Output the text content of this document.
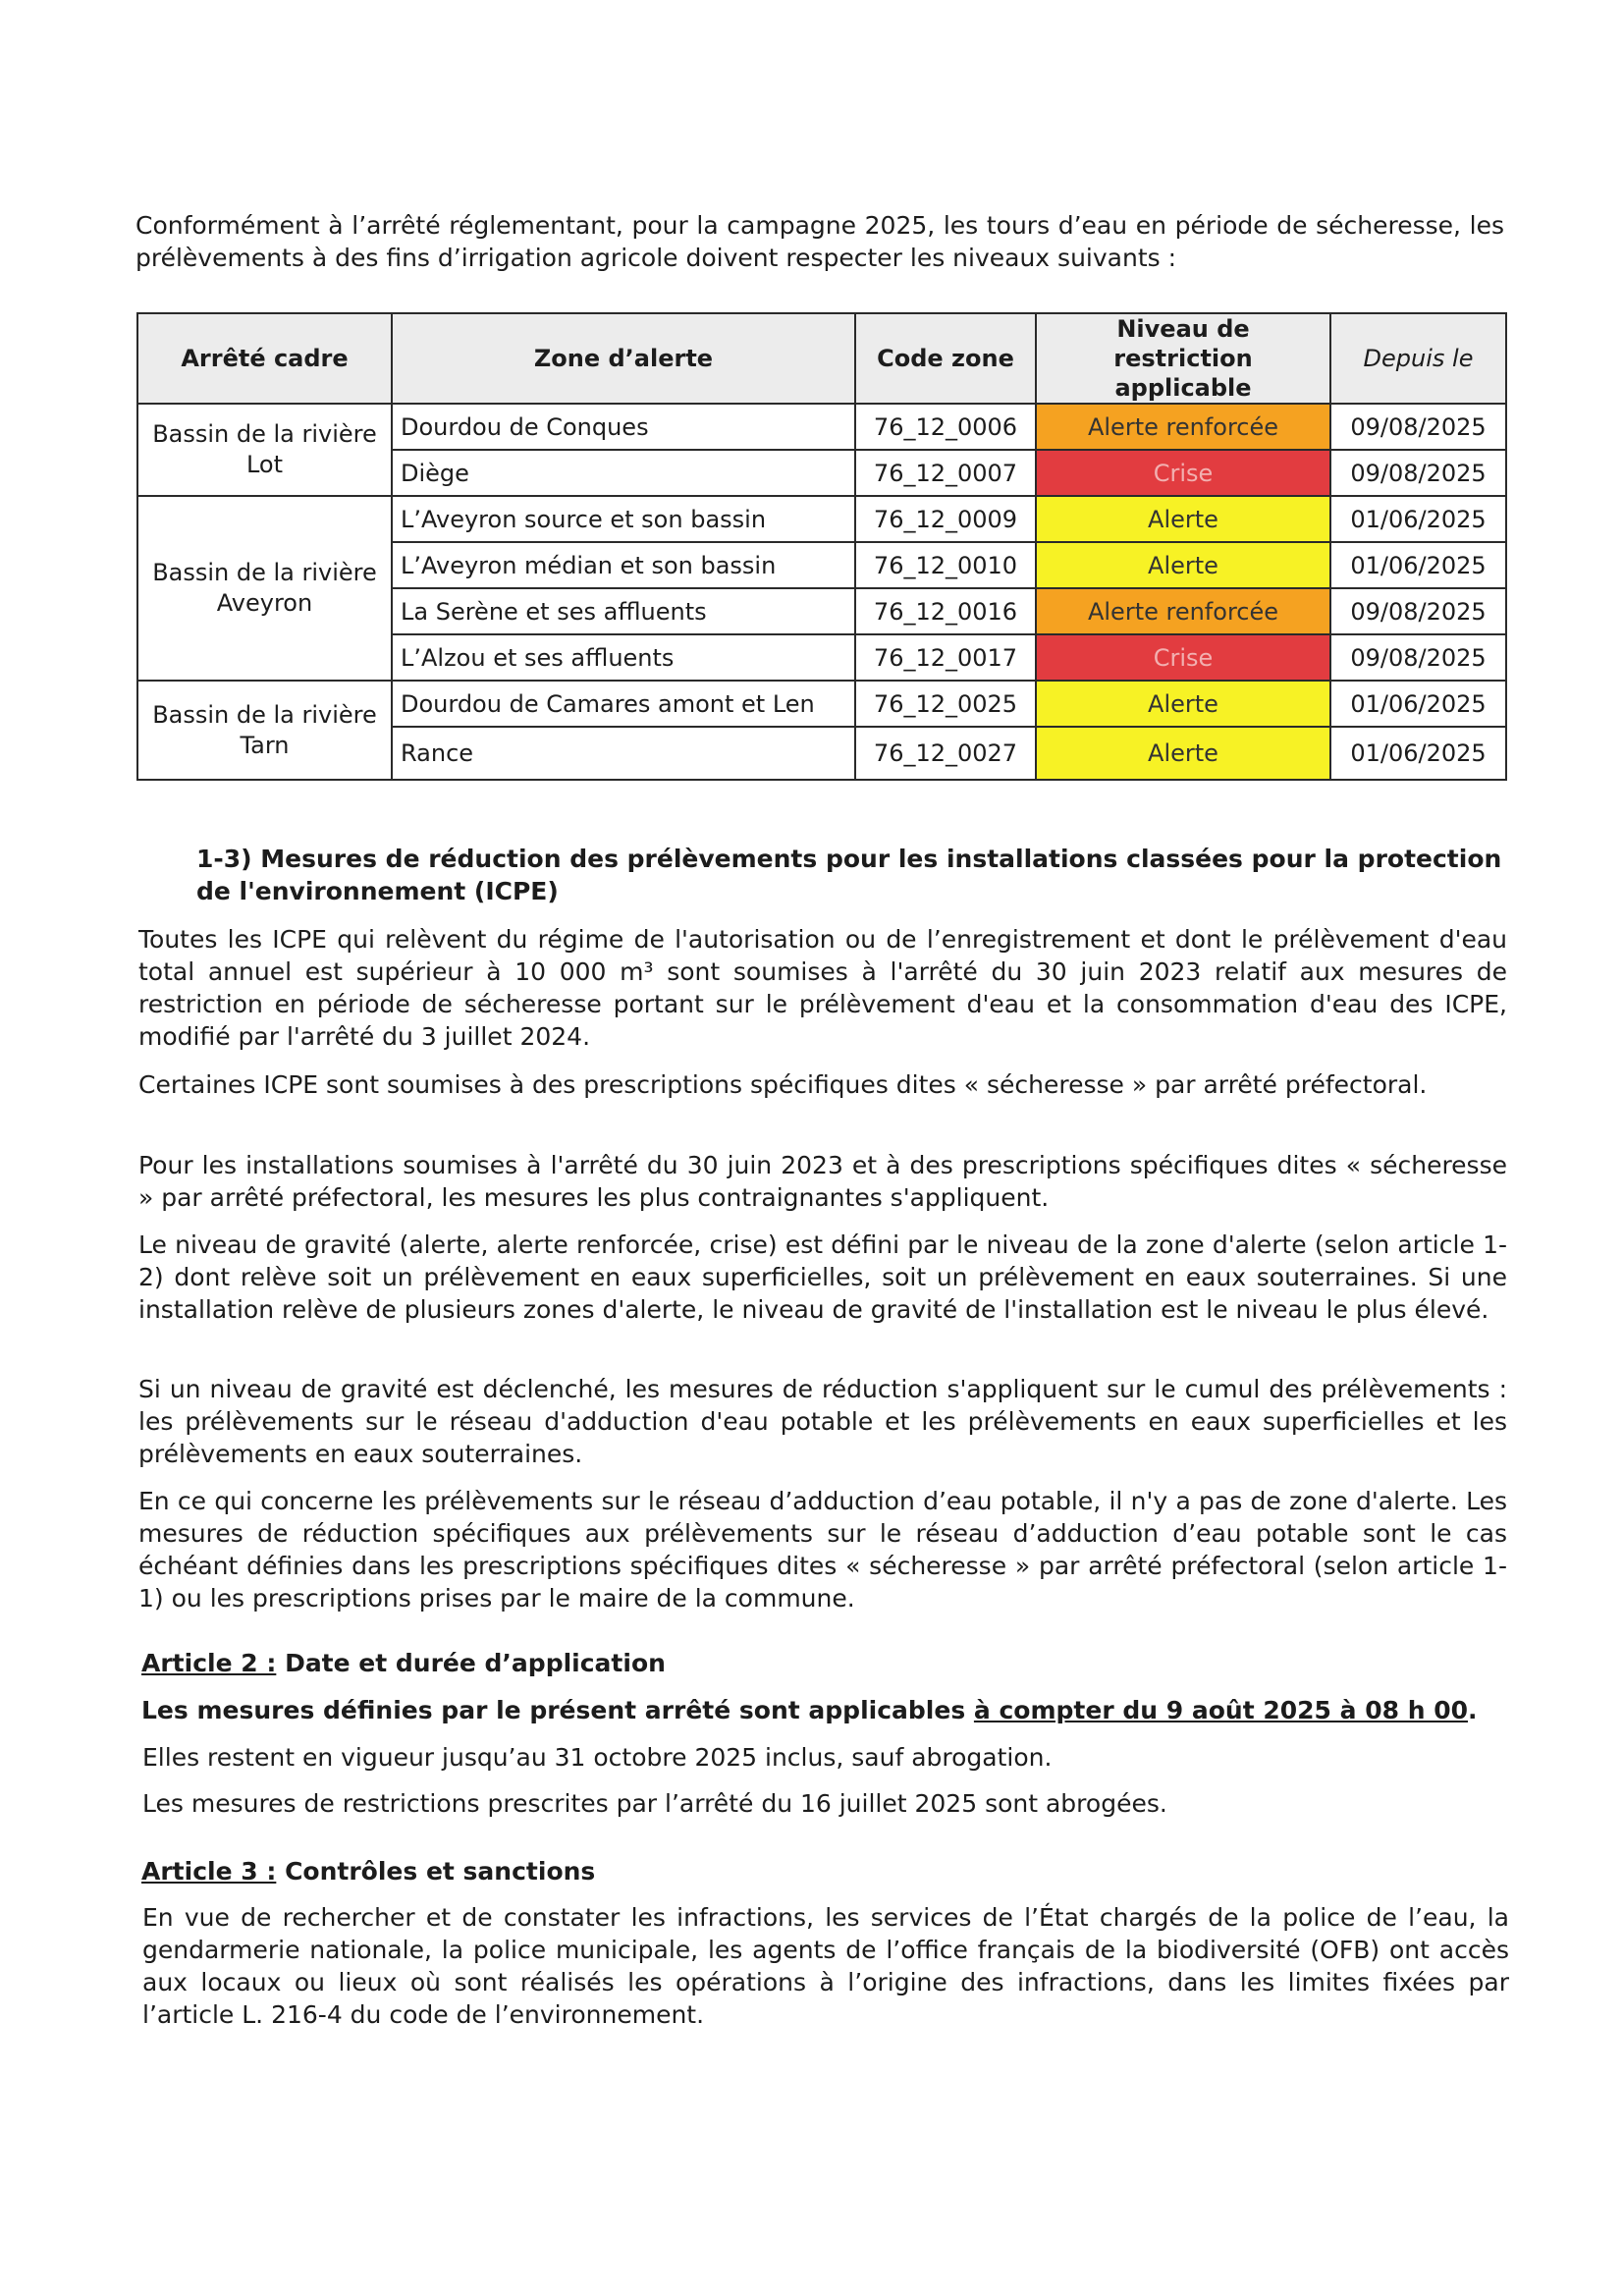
Conformément à l’arrêté réglementant, pour la campagne 2025, les tours d’eau en période de sécheresse, les prélèvements à des fins d’irrigation agricole doivent respecter les niveaux suivants :

Arrêté cadre	Zone d’alerte	Code zone	Niveau de restriction applicable	Depuis le
Bassin de la rivière Lot	Dourdou de Conques	76_12_0006	Alerte renforcée	09/08/2025
	Diège	76_12_0007	Crise	09/08/2025
Bassin de la rivière Aveyron	L’Aveyron source et son bassin	76_12_0009	Alerte	01/06/2025
	L’Aveyron médian et son bassin	76_12_0010	Alerte	01/06/2025
	La Serène et ses affluents	76_12_0016	Alerte renforcée	09/08/2025
	L’Alzou et ses affluents	76_12_0017	Crise	09/08/2025
Bassin de la rivière Tarn	Dourdou de Camares amont et Len	76_12_0025	Alerte	01/06/2025
	Rance	76_12_0027	Alerte	01/06/2025

1-3) Mesures de réduction des prélèvements pour les installations classées pour la protection de l'environnement (ICPE)

Toutes les ICPE qui relèvent du régime de l'autorisation ou de l’enregistrement et dont le prélèvement d'eau total annuel est supérieur à 10 000 m³ sont soumises à l'arrêté du 30 juin 2023 relatif aux mesures de restriction en période de sécheresse portant sur le prélèvement d'eau et la consommation d'eau des ICPE, modifié par l'arrêté du 3 juillet 2024.

Certaines ICPE sont soumises à des prescriptions spécifiques dites « sécheresse » par arrêté préfectoral.

Pour les installations soumises à l'arrêté du 30 juin 2023 et à des prescriptions spécifiques dites « sécheresse » par arrêté préfectoral, les mesures les plus contraignantes s'appliquent.

Le niveau de gravité (alerte, alerte renforcée, crise) est défini par le niveau de la zone d'alerte (selon article 1-2) dont relève soit un prélèvement en eaux superficielles, soit un prélèvement en eaux souterraines. Si une installation relève de plusieurs zones d'alerte, le niveau de gravité de l'installation est le niveau le plus élevé.

Si un niveau de gravité est déclenché, les mesures de réduction s'appliquent sur le cumul des prélèvements : les prélèvements sur le réseau d'adduction d'eau potable et les prélèvements en eaux superficielles et les prélèvements en eaux souterraines.

En ce qui concerne les prélèvements sur le réseau d’adduction d’eau potable, il n'y a pas de zone d'alerte. Les mesures de réduction spécifiques aux prélèvements sur le réseau d’adduction d’eau potable sont le cas échéant définies dans les prescriptions spécifiques dites « sécheresse » par arrêté préfectoral (selon article 1-1) ou les prescriptions prises par le maire de la commune.

Article 2 : Date et durée d’application

Les mesures définies par le présent arrêté sont applicables à compter du 9 août 2025 à 08 h 00.

Elles restent en vigueur jusqu’au 31 octobre 2025 inclus, sauf abrogation.

Les mesures de restrictions prescrites par l’arrêté du 16 juillet 2025 sont abrogées.

Article 3 : Contrôles et sanctions

En vue de rechercher et de constater les infractions, les services de l’État chargés de la police de l’eau, la gendarmerie nationale, la police municipale, les agents de l’office français de la biodiversité (OFB) ont accès aux locaux ou lieux où sont réalisés les opérations à l’origine des infractions, dans les limites fixées par l’article L. 216-4 du code de l’environnement.
